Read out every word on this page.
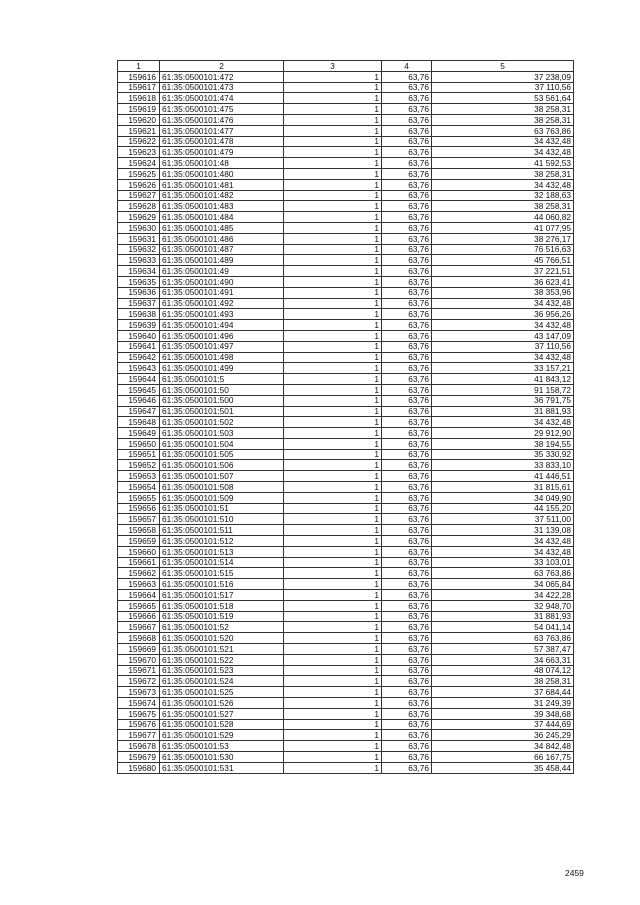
1	2	3	4	5
159616	61:35:0500101:472	1	63,76	37 238,09
159617	61:35:0500101:473	1	63,76	37 110,56
159618	61:35:0500101:474	1	63,76	53 561,64
159619	61:35:0500101:475	1	63,76	38 258,31
159620	61:35:0500101:476	1	63,76	38 258,31
159621	61:35:0500101:477	1	63,76	63 763,86
159622	61:35:0500101:478	1	63,76	34 432,48
159623	61:35:0500101:479	1	63,76	34 432,48
159624	61:35:0500101:48	1	63,76	41 592,53
159625	61:35:0500101:480	1	63,76	38 258,31
159626	61:35:0500101:481	1	63,76	34 432,48
159627	61:35:0500101:482	1	63,76	32 188,63
159628	61:35:0500101:483	1	63,76	38 258,31
159629	61:35:0500101:484	1	63,76	44 060,82
159630	61:35:0500101:485	1	63,76	41 077,95
159631	61:35:0500101:486	1	63,76	38 276,17
159632	61:35:0500101:487	1	63,76	76 516,63
159633	61:35:0500101:489	1	63,76	45 766,51
159634	61:35:0500101:49	1	63,76	37 221,51
159635	61:35:0500101:490	1	63,76	36 623,41
159636	61:35:0500101:491	1	63,76	38 353,96
159637	61:35:0500101:492	1	63,76	34 432,48
159638	61:35:0500101:493	1	63,76	36 956,26
159639	61:35:0500101:494	1	63,76	34 432,48
159640	61:35:0500101:496	1	63,76	43 147,09
159641	61:35:0500101:497	1	63,76	37 110,56
159642	61:35:0500101:498	1	63,76	34 432,48
159643	61:35:0500101:499	1	63,76	33 157,21
159644	61:35:0500101:5	1	63,76	41 843,12
159645	61:35:0500101:50	1	63,76	91 158,72
159646	61:35:0500101:500	1	63,76	36 791,75
159647	61:35:0500101:501	1	63,76	31 881,93
159648	61:35:0500101:502	1	63,76	34 432,48
159649	61:35:0500101:503	1	63,76	29 912,90
159650	61:35:0500101:504	1	63,76	38 194,55
159651	61:35:0500101:505	1	63,76	35 330,92
159652	61:35:0500101:506	1	63,76	33 833,10
159653	61:35:0500101:507	1	63,76	41 446,51
159654	61:35:0500101:508	1	63,76	31 815,61
159655	61:35:0500101:509	1	63,76	34 049,90
159656	61:35:0500101:51	1	63,76	44 155,20
159657	61:35:0500101:510	1	63,76	37 511,00
159658	61:35:0500101:511	1	63,76	31 139,08
159659	61:35:0500101:512	1	63,76	34 432,48
159660	61:35:0500101:513	1	63,76	34 432,48
159661	61:35:0500101:514	1	63,76	33 103,01
159662	61:35:0500101:515	1	63,76	63 763,86
159663	61:35:0500101:516	1	63,76	34 065,84
159664	61:35:0500101:517	1	63,76	34 422,28
159665	61:35:0500101:518	1	63,76	32 948,70
159666	61:35:0500101:519	1	63,76	31 881,93
159667	61:35:0500101:52	1	63,76	54 041,14
159668	61:35:0500101:520	1	63,76	63 763,86
159669	61:35:0500101:521	1	63,76	57 387,47
159670	61:35:0500101:522	1	63,76	34 663,31
159671	61:35:0500101:523	1	63,76	48 074,12
159672	61:35:0500101:524	1	63,76	38 258,31
159673	61:35:0500101:525	1	63,76	37 684,44
159674	61:35:0500101:526	1	63,76	31 249,39
159675	61:35:0500101:527	1	63,76	39 348,68
159676	61:35:0500101:528	1	63,76	37 444,69
159677	61:35:0500101:529	1	63,76	36 245,29
159678	61:35:0500101:53	1	63,76	34 842,48
159679	61:35:0500101:530	1	63,76	66 167,75
159680	61:35:0500101:531	1	63,76	35 458,44
2459
